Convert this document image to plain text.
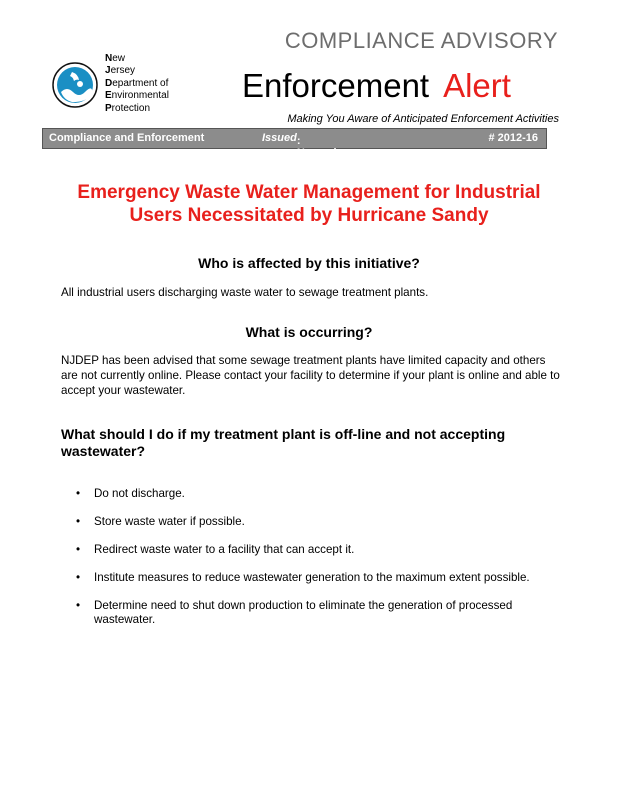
COMPLIANCE ADVISORY
New
Jersey
Department of
Environmental
Protection
Enforcement Alert
Making You Aware of Anticipated Enforcement Activities
Compliance and Enforcement	Issued : November 2, 2012
# 2012-16
Emergency Waste Water Management for Industrial
Users Necessitated by Hurricane Sandy
Who is affected by this initiative?
All industrial users discharging waste water to sewage treatment plants.
What is occurring?
NJDEP has been advised that some sewage treatment plants have limited capacity and others are not currently online. Please contact your facility to determine if your plant is online and able to accept your wastewater.
What should I do if my treatment plant is off-line and not accepting wastewater?
• Do not discharge.
• Store waste water if possible.
• Redirect waste water to a facility that can accept it.
• Institute measures to reduce wastewater generation to the maximum extent possible.
• Determine need to shut down production to eliminate the generation of processed wastewater.
